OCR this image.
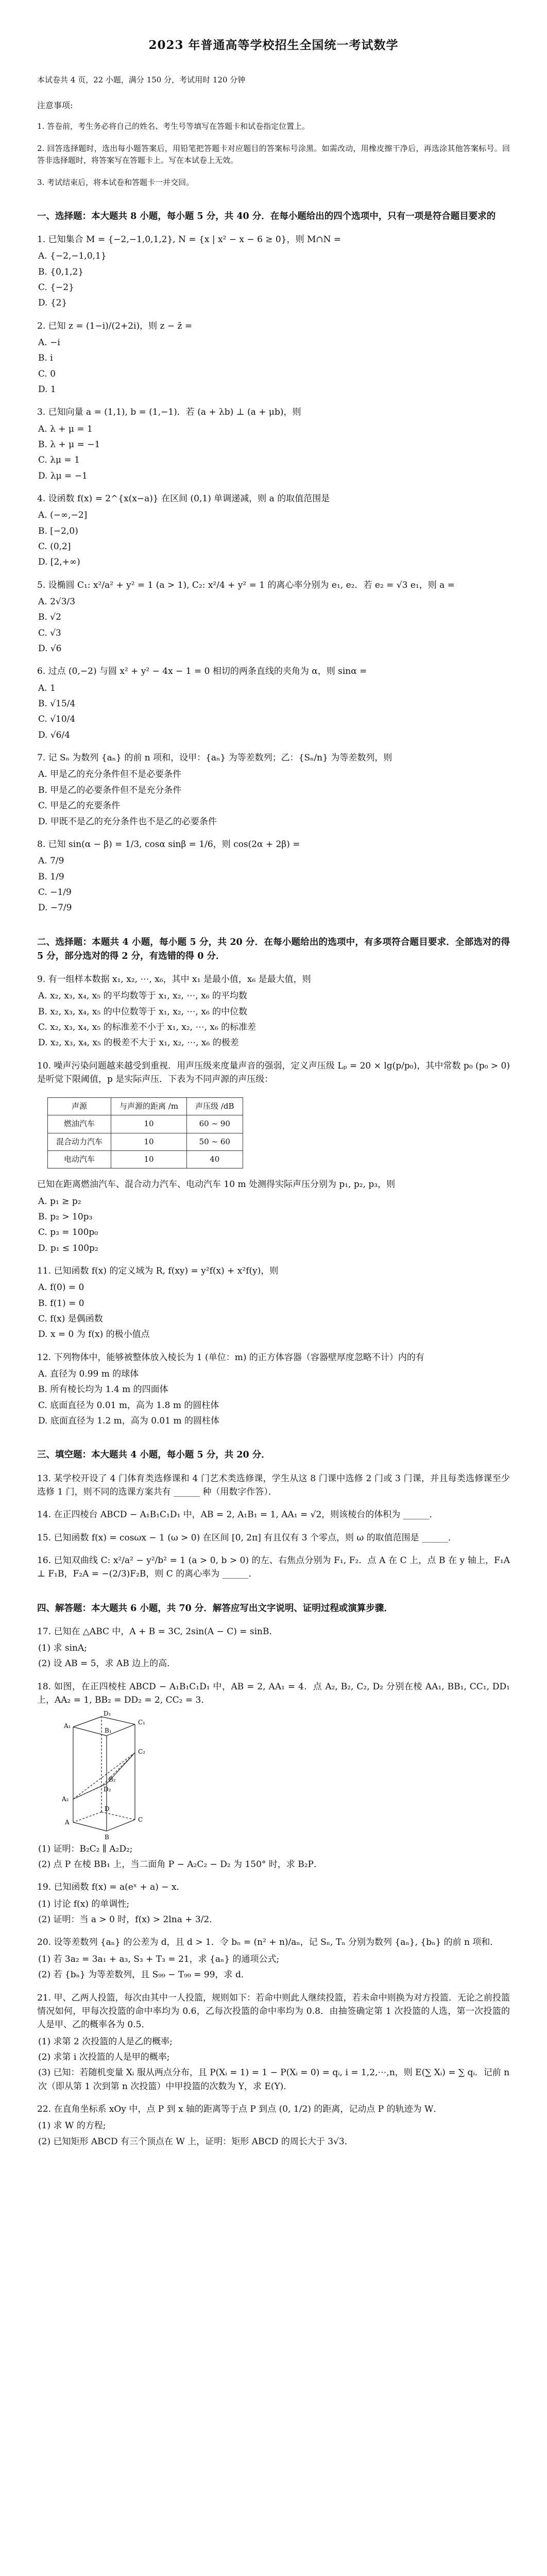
2023 年普通高等学校招生全国统一考试数学

本试卷共 4 页，22 小题，满分 150 分，考试用时 120 分钟

注意事项:

1. 答卷前，考生务必将自己的姓名、考生号等填写在答题卡和试卷指定位置上。

2. 回答选择题时，选出每小题答案后，用铅笔把答题卡对应题目的答案标号涂黑。如需改动，用橡皮擦干净后，再选涂其他答案标号。回答非选择题时，将答案写在答题卡上。写在本试卷上无效。

3. 考试结束后，将本试卷和答题卡一并交回。

一、选择题：本大题共 8 小题，每小题 5 分，共 40 分．在每小题给出的四个选项中，只有一项是符合题目要求的

1. 已知集合 M = {−2,−1,0,1,2}, N = {x | x² − x − 6 ≥ 0}，则 M∩N =

A. {−2,−1,0,1}

B. {0,1,2}

C. {−2}

D. {2}

2. 已知 z = (1−i)/(2+2i)，则 z − z̄ =

A. −i

B. i

C. 0

D. 1

3. 已知向量 a = (1,1), b = (1,−1)．若 (a + λb) ⊥ (a + μb)，则

A. λ + μ = 1

B. λ + μ = −1

C. λμ = 1

D. λμ = −1

4. 设函数 f(x) = 2^{x(x−a)} 在区间 (0,1) 单调递减，则 a 的取值范围是

A. (−∞,−2]

B. [−2,0)

C. (0,2]

D. [2,+∞)

5. 设椭圆 C₁: x²/a² + y² = 1 (a > 1), C₂: x²/4 + y² = 1 的离心率分别为 e₁, e₂．若 e₂ = √3 e₁，则 a =

A. 2√3/3

B. √2

C. √3

D. √6

6. 过点 (0,−2) 与圆 x² + y² − 4x − 1 = 0 相切的两条直线的夹角为 α，则 sinα =

A. 1

B. √15/4

C. √10/4

D. √6/4

7. 记 Sₙ 为数列 {aₙ} 的前 n 项和，设甲：{aₙ} 为等差数列；乙：{Sₙ/n} 为等差数列，则

A. 甲是乙的充分条件但不是必要条件

B. 甲是乙的必要条件但不是充分条件

C. 甲是乙的充要条件

D. 甲既不是乙的充分条件也不是乙的必要条件

8. 已知 sin(α − β) = 1/3, cosα sinβ = 1/6，则 cos(2α + 2β) =

A. 7/9

B. 1/9

C. −1/9

D. −7/9

二、选择题：本题共 4 小题，每小题 5 分，共 20 分．在每小题给出的选项中，有多项符合题目要求．全部选对的得 5 分，部分选对的得 2 分，有选错的得 0 分．

9. 有一组样本数据 x₁, x₂, ⋯, x₆，其中 x₁ 是最小值，x₆ 是最大值，则

A. x₂, x₃, x₄, x₅ 的平均数等于 x₁, x₂, ⋯, x₆ 的平均数

B. x₂, x₃, x₄, x₅ 的中位数等于 x₁, x₂, ⋯, x₆ 的中位数

C. x₂, x₃, x₄, x₅ 的标准差不小于 x₁, x₂, ⋯, x₆ 的标准差

D. x₂, x₃, x₄, x₅ 的极差不大于 x₁, x₂, ⋯, x₆ 的极差

10. 噪声污染问题越来越受到重视．用声压级来度量声音的强弱，定义声压级 Lₚ = 20 × lg(p/p₀)，其中常数 p₀ (p₀ > 0) 是听觉下限阈值，p 是实际声压．下表为不同声源的声压级：

声源	与声源的距离 /m	声压级 /dB
燃油汽车	10	60 ~ 90
混合动力汽车	10	50 ~ 60
电动汽车	10	40

已知在距离燃油汽车、混合动力汽车、电动汽车 10 m 处测得实际声压分别为 p₁, p₂, p₃，则

A. p₁ ≥ p₂

B. p₂ > 10p₃

C. p₃ = 100p₀

D. p₁ ≤ 100p₂

11. 已知函数 f(x) 的定义域为 R, f(xy) = y²f(x) + x²f(y)，则

A. f(0) = 0

B. f(1) = 0

C. f(x) 是偶函数

D. x = 0 为 f(x) 的极小值点

12. 下列物体中，能够被整体放入棱长为 1 (单位：m) 的正方体容器（容器壁厚度忽略不计）内的有

A. 直径为 0.99 m 的球体

B. 所有棱长均为 1.4 m 的四面体

C. 底面直径为 0.01 m，高为 1.8 m 的圆柱体

D. 底面直径为 1.2 m，高为 0.01 m 的圆柱体

三、填空题：本大题共 4 小题，每小题 5 分，共 20 分．

13. 某学校开设了 4 门体育类选修课和 4 门艺术类选修课，学生从这 8 门课中选修 2 门或 3 门课，并且每类选修课至少选修 1 门，则不同的选课方案共有 ______ 种（用数字作答）．

14. 在正四棱台 ABCD − A₁B₁C₁D₁ 中，AB = 2, A₁B₁ = 1, AA₁ = √2，则该棱台的体积为 ______．

15. 已知函数 f(x) = cosωx − 1 (ω > 0) 在区间 [0, 2π] 有且仅有 3 个零点，则 ω 的取值范围是 ______．

16. 已知双曲线 C: x²/a² − y²/b² = 1 (a > 0, b > 0) 的左、右焦点分别为 F₁, F₂．点 A 在 C 上，点 B 在 y 轴上，F₁A ⊥ F₁B，F₂A = −(2/3)F₂B，则 C 的离心率为 ______．

四、解答题：本大题共 6 小题，共 70 分．解答应写出文字说明、证明过程或演算步骤．

17. 已知在 △ABC 中，A + B = 3C, 2sin(A − C) = sinB．

(1) 求 sinA;

(2) 设 AB = 5，求 AB 边上的高．

18. 如图，在正四棱柱 ABCD − A₁B₁C₁D₁ 中，AB = 2, AA₁ = 4．点 A₂, B₂, C₂, D₂ 分别在棱 AA₁, BB₁, CC₁, DD₁ 上，AA₂ = 1, BB₂ = DD₂ = 2, CC₂ = 3．

A
B
C
D
A₁
B₁
C₁
D₁
A₂
B₂
C₂
D₂

(1) 证明：B₂C₂ ∥ A₂D₂;

(2) 点 P 在棱 BB₁ 上，当二面角 P − A₂C₂ − D₂ 为 150° 时，求 B₂P．

19. 已知函数 f(x) = a(eˣ + a) − x．

(1) 讨论 f(x) 的单调性;

(2) 证明：当 a > 0 时，f(x) > 2lna + 3/2．

20. 设等差数列 {aₙ} 的公差为 d，且 d > 1．令 bₙ = (n² + n)/aₙ，记 Sₙ, Tₙ 分别为数列 {aₙ}, {bₙ} 的前 n 项和．

(1) 若 3a₂ = 3a₁ + a₃, S₃ + T₃ = 21，求 {aₙ} 的通项公式;

(2) 若 {bₙ} 为等差数列，且 S₉₉ − T₉₉ = 99，求 d．

21. 甲、乙两人投篮，每次由其中一人投篮，规则如下：若命中则此人继续投篮，若未命中则换为对方投篮．无论之前投篮情况如何，甲每次投篮的命中率均为 0.6，乙每次投篮的命中率均为 0.8．由抽签确定第 1 次投篮的人选，第一次投篮的人是甲、乙的概率各为 0.5．

(1) 求第 2 次投篮的人是乙的概率;

(2) 求第 i 次投篮的人是甲的概率;

(3) 已知：若随机变量 Xᵢ 服从两点分布，且 P(Xᵢ = 1) = 1 − P(Xᵢ = 0) = qᵢ, i = 1,2,⋯,n，则 E(∑ Xᵢ) = ∑ qᵢ．记前 n 次（即从第 1 次到第 n 次投篮）中甲投篮的次数为 Y，求 E(Y)．

22. 在直角坐标系 xOy 中，点 P 到 x 轴的距离等于点 P 到点 (0, 1/2) 的距离，记动点 P 的轨迹为 W．

(1) 求 W 的方程;

(2) 已知矩形 ABCD 有三个顶点在 W 上，证明：矩形 ABCD 的周长大于 3√3．
